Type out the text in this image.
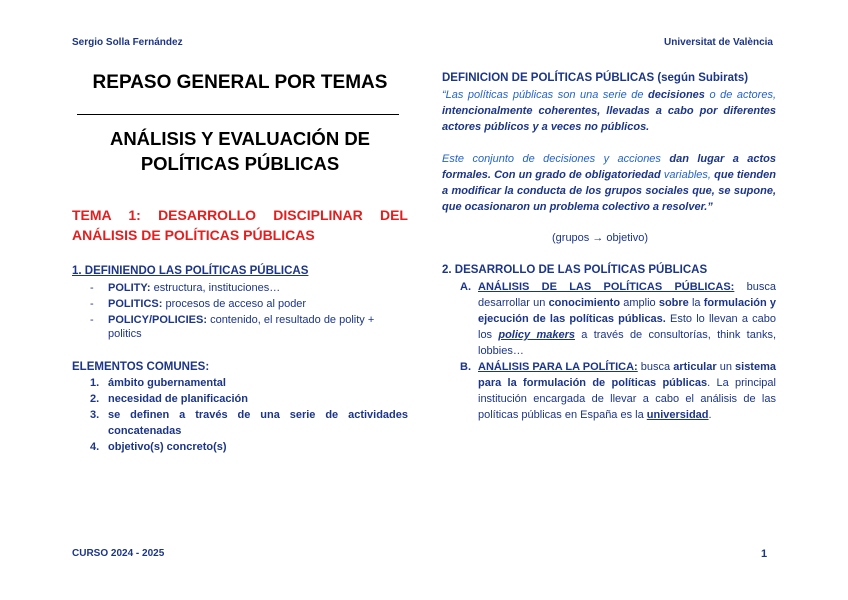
Sergio Solla Fernández	Universitat de València
REPASO GENERAL POR TEMAS
ANÁLISIS Y EVALUACIÓN DE
POLÍTICAS PÚBLICAS
TEMA 1: DESARROLLO DISCIPLINAR DEL
ANÁLISIS DE POLÍTICAS PÚBLICAS
1. DEFINIENDO LAS POLÍTICAS PÚBLICAS
- POLITY: estructura, instituciones…
- POLITICS: procesos de acceso al poder
- POLICY/POLICIES: contenido, el resultado de polity + politics
ELEMENTOS COMUNES:
1. ámbito gubernamental
2. necesidad de planificación
3. se definen a través de una serie de actividades concatenadas
4. objetivo(s) concreto(s)
DEFINICION DE POLÍTICAS PÚBLICAS (según Subirats)
“Las políticas públicas son una serie de decisiones o de actores, intencionalmente coherentes, llevadas a cabo por diferentes actores públicos y a veces no públicos.
Este conjunto de decisiones y acciones dan lugar a actos formales. Con un grado de obligatoriedad variables, que tienden a modificar la conducta de los grupos sociales que, se supone, que ocasionaron un problema colectivo a resolver.”
(grupos → objetivo)
2. DESARROLLO DE LAS POLÍTICAS PÚBLICAS
A. ANÁLISIS DE LAS POLÍTICAS PÚBLICAS: busca desarrollar un conocimiento amplio sobre la formulación y ejecución de las políticas públicas. Esto lo llevan a cabo los policy makers a través de consultorías, think tanks, lobbies…
B. ANÁLISIS PARA LA POLÍTICA: busca articular un sistema para la formulación de políticas públicas. La principal institución encargada de llevar a cabo el análisis de las políticas públicas en España es la universidad.
CURSO 2024 - 2025	1
